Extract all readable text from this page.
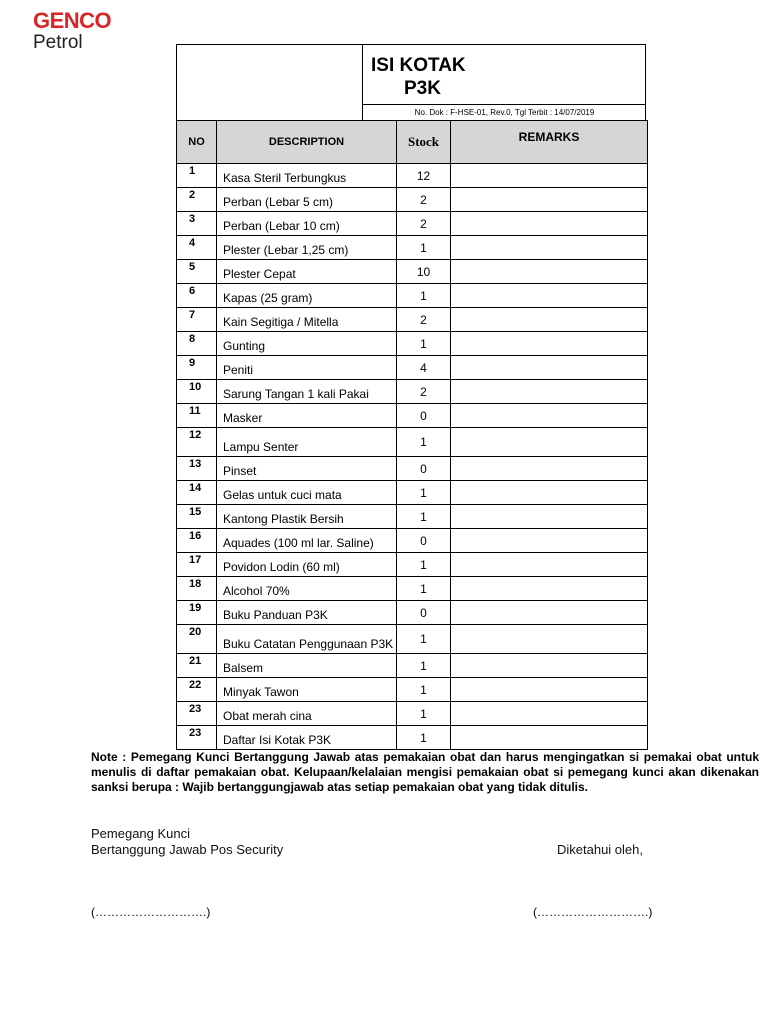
GENCO
Petrol
ISI KOTAK
P3K
No. Dok : F-HSE-01, Rev.0, Tgl Terbit : 14/07/2019
NO	DESCRIPTION	Stock	REMARKS
1	Kasa Steril Terbungkus	12	
2	Perban (Lebar 5 cm)	2	
3	Perban (Lebar 10 cm)	2	
4	Plester (Lebar 1,25 cm)	1	
5	Plester Cepat	10	
6	Kapas (25 gram)	1	
7	Kain Segitiga / Mitella	2	
8	Gunting	1	
9	Peniti	4	
10	Sarung Tangan 1 kali Pakai	2	
11	Masker	0	
12	Lampu Senter	1	
13	Pinset	0	
14	Gelas untuk cuci mata	1	
15	Kantong Plastik Bersih	1	
16	Aquades (100 ml lar. Saline)	0	
17	Povidon Lodin (60 ml)	1	
18	Alcohol 70%	1	
19	Buku Panduan P3K	0	
20	Buku Catatan Penggunaan P3K	1	
21	Balsem	1	
22	Minyak Tawon	1	
23	Obat merah cina	1	
23	Daftar Isi Kotak P3K	1	
Note : Pemegang Kunci Bertanggung Jawab atas pemakaian obat dan harus mengingatkan si pemakai obat untuk menulis di daftar pemakaian obat. Kelupaan/kelalaian mengisi pemakaian obat si pemegang kunci akan dikenakan sanksi berupa : Wajib bertanggungjawab atas setiap pemakaian obat yang tidak ditulis.
Pemegang Kunci
Bertanggung Jawab Pos Security	Diketahui oleh,
(……………………….)	(……………………….)
